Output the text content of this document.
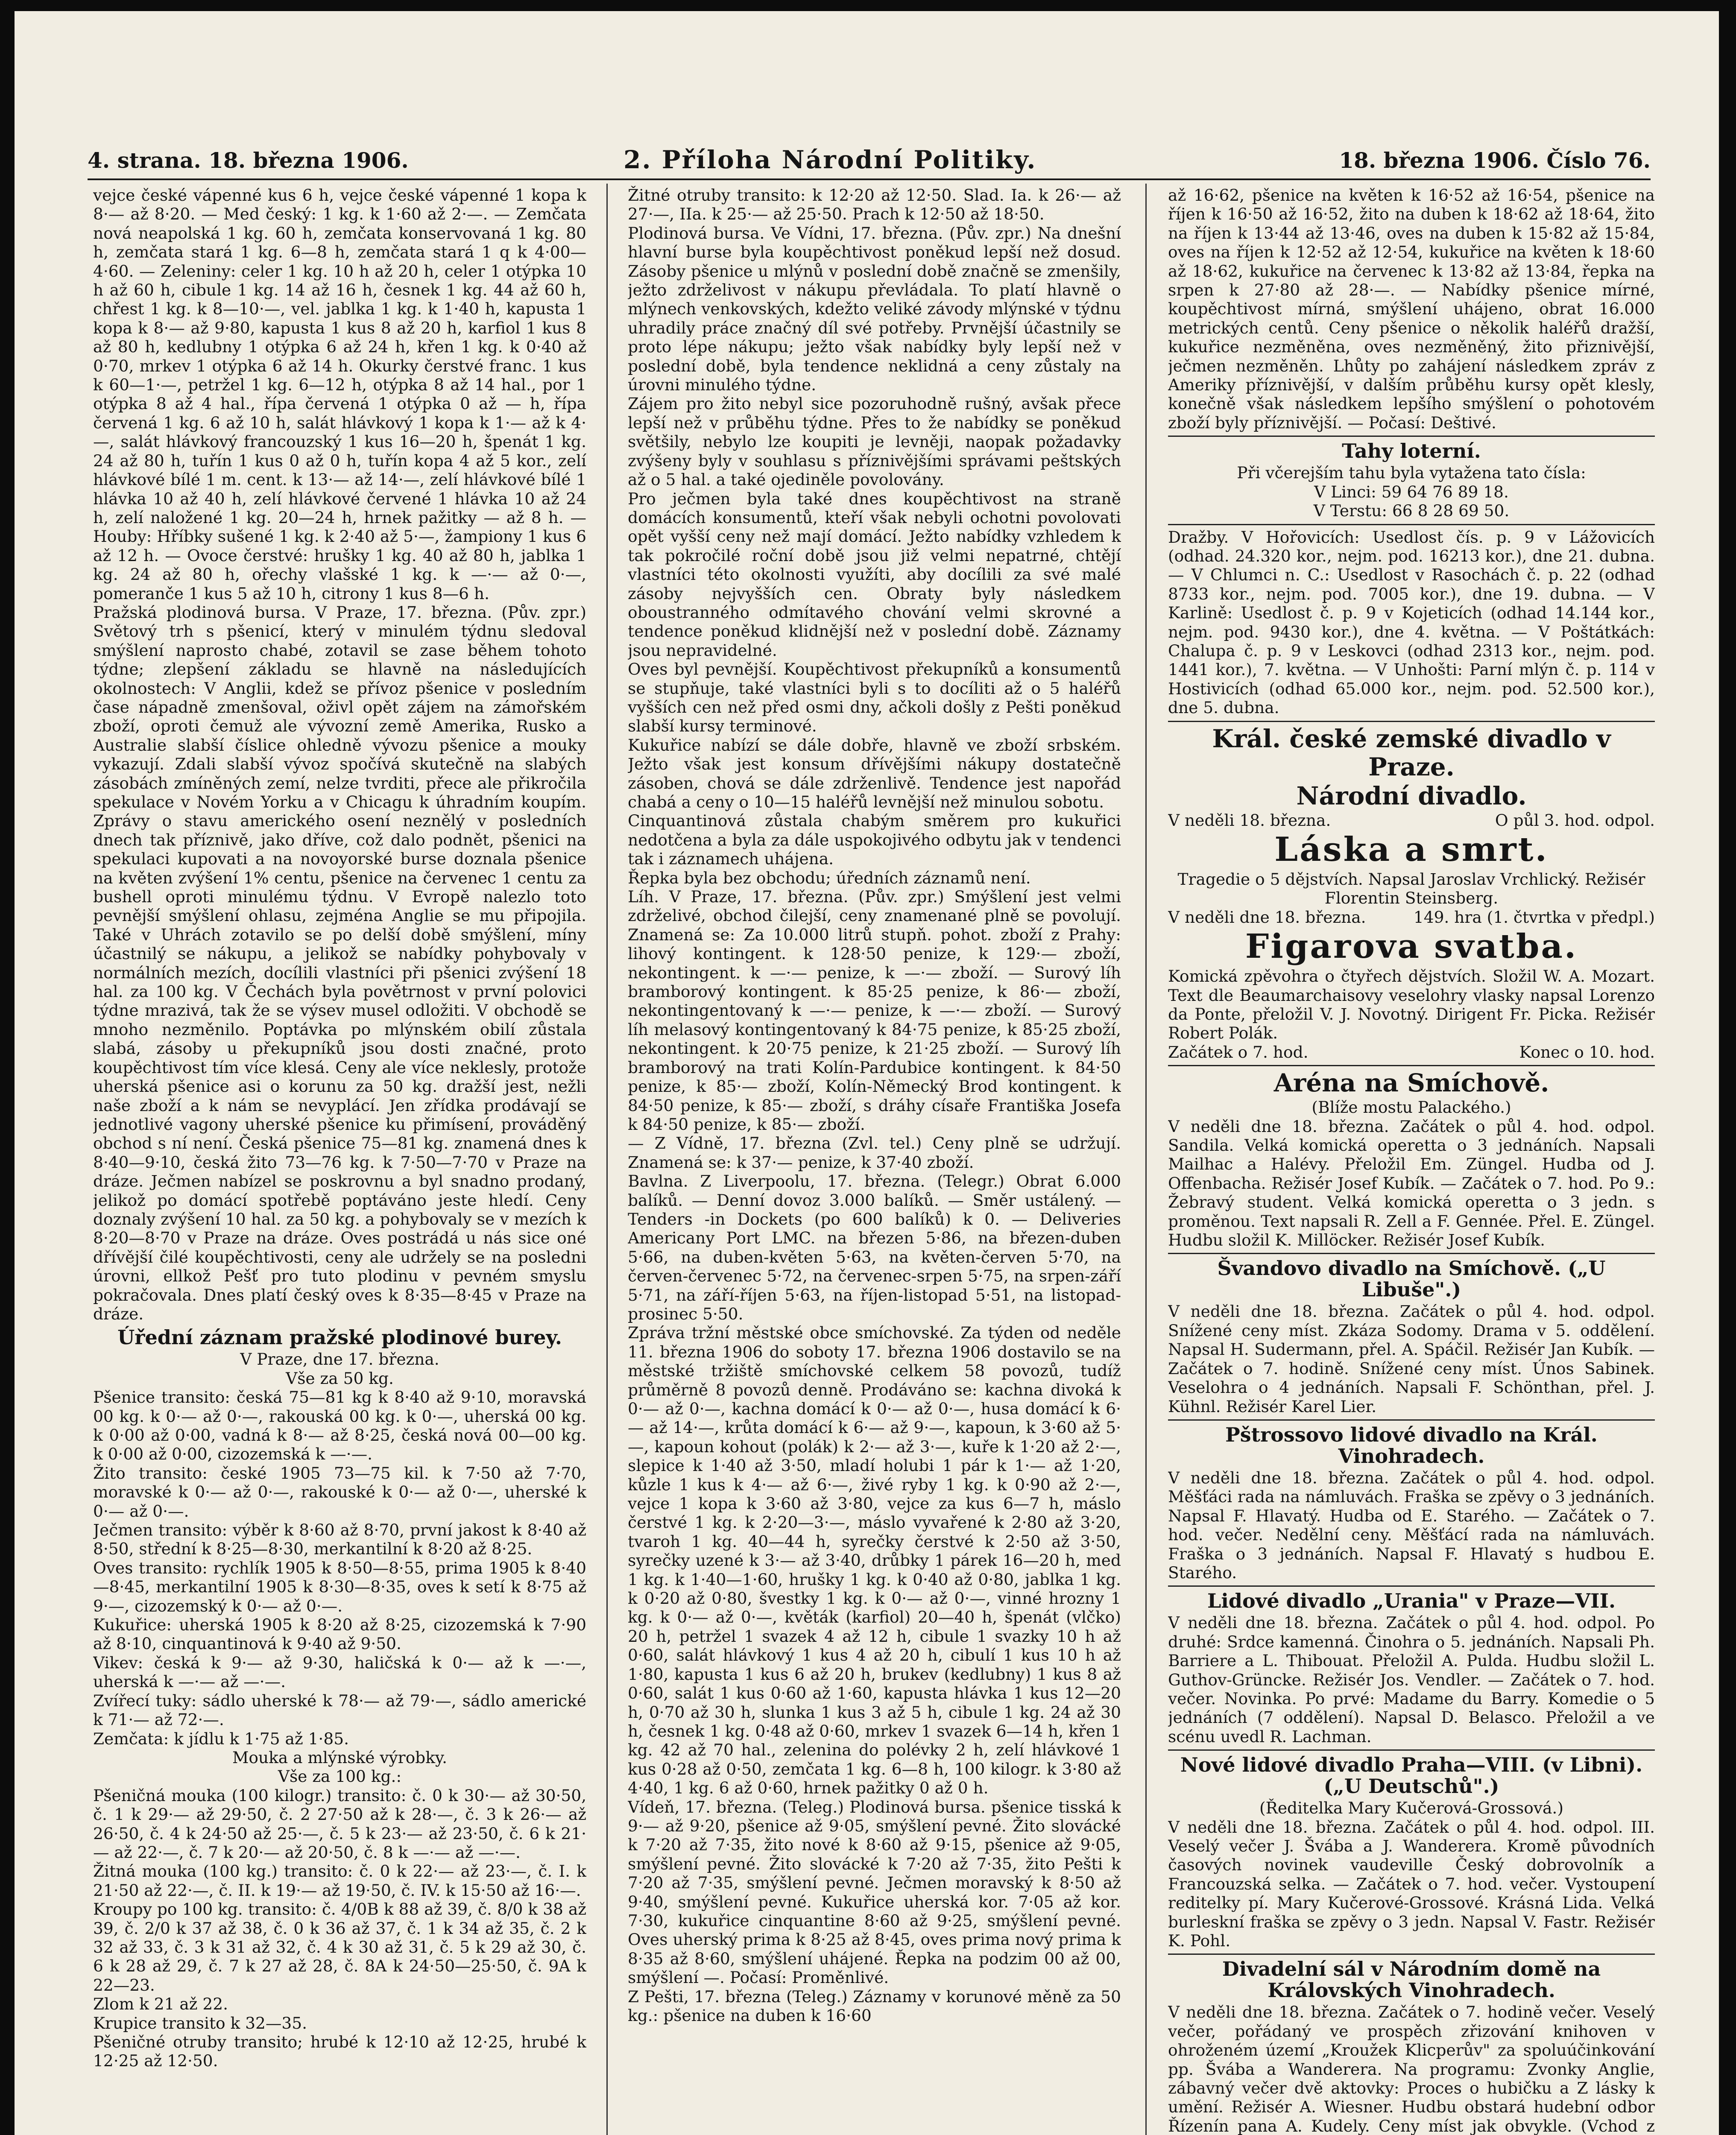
4. strana. 18. března 1906.	2. Příloha Národní Politiky.	18. března 1906. Číslo 76.

vejce české vápenné kus 6 h, vejce české vápenné 1 kopa k 8·— až 8·20. — Med český: 1 kg. k 1·60 až 2·—. — Zemčata nová neapolská 1 kg. 60 h, zemčata konservovaná 1 kg. 80 h, zemčata stará 1 kg. 6—8 h, zemčata stará 1 q k 4·00—4·60. — Zeleniny: celer 1 kg. 10 h až 20 h, celer 1 otýpka 10 h až 60 h, cibule 1 kg. 14 až 16 h, česnek 1 kg. 44 až 60 h, chřest 1 kg. k 8—10·—, vel. jablka 1 kg. k 1·40 h, kapusta 1 kopa k 8·— až 9·80, kapusta 1 kus 8 až 20 h, karfiol 1 kus 8 až 80 h, kedlubny 1 otýpka 6 až 24 h, křen 1 kg. k 0·40 až 0·70, mrkev 1 otýpka 6 až 14 h. Okurky čerstvé franc. 1 kus k 60—1·—, petržel 1 kg. 6—12 h, otýpka 8 až 14 hal., por 1 otýpka 8 až 4 hal., řípa červená 1 otýpka 0 až — h, řípa červená 1 kg. 6 až 10 h, salát hlávkový 1 kopa k 1·— až k 4·—, salát hlávkový francouzský 1 kus 16—20 h, špenát 1 kg. 24 až 80 h, tuřín 1 kus 0 až 0 h, tuřín kopa 4 až 5 kor., zelí hlávkové bílé 1 m. cent. k 13·— až 14·—, zelí hlávkové bílé 1 hlávka 10 až 40 h, zelí hlávkové červené 1 hlávka 10 až 24 h, zelí naložené 1 kg. 20—24 h, hrnek pažitky — až 8 h. — Houby: Hříbky sušené 1 kg. k 2·40 až 5·—, žampiony 1 kus 6 až 12 h. — Ovoce čerstvé: hrušky 1 kg. 40 až 80 h, jablka 1 kg. 24 až 80 h, ořechy vlašské 1 kg. k —·— až 0·—, pomeranče 1 kus 5 až 10 h, citrony 1 kus 8—6 h.

Pražská plodinová bursa. V Praze, 17. března. (Pův. zpr.) Světový trh s pšenicí, který v minulém týdnu sledoval smýšlení naprosto chabé, zotavil se zase během tohoto týdne; zlepšení základu se hlavně na následujících okolnostech: V Anglii, kdež se přívoz pšenice v posledním čase nápadně zmenšoval, oživl opět zájem na zámořském zboží, oproti čemuž ale vývozní země Amerika, Rusko a Australie slabší číslice ohledně vývozu pšenice a mouky vykazují. Zdali slabší vývoz spočívá skutečně na slabých zásobách zmíněných zemí, nelze tvrditi, přece ale přikročila spekulace v Novém Yorku a v Chicagu k úhradním koupím. Zprávy o stavu amerického osení neznělý v posledních dnech tak příznivě, jako dříve, což dalo podnět, pšenici na spekulaci kupovati a na novoyorské burse doznala pšenice na květen zvýšení 1% centu, pšenice na červenec 1 centu za bushell oproti minulému týdnu. V Evropě nalezlo toto pevnější smýšlení ohlasu, zejména Anglie se mu připojila. Také v Uhrách zotavilo se po delší době smýšlení, míny účastnilý se nákupu, a jelikož se nabídky pohybovaly v normálních mezích, docílili vlastníci při pšenici zvýšení 18 hal. za 100 kg. V Čechách byla povětrnost v první polovici týdne mrazivá, tak že se výsev musel odložiti. V obchodě se mnoho nezměnilo. Poptávka po mlýnském obilí zůstala slabá, zásoby u překupníků jsou dosti značné, proto koupěchtivost tím více klesá. Ceny ale více neklesly, protože uherská pšenice asi o korunu za 50 kg. dražší jest, nežli naše zboží a k nám se nevyplácí. Jen zřídka prodávají se jednotlivé vagony uherské pšenice ku přimísení, prováděný obchod s ní není. Česká pšenice 75—81 kg. znamená dnes k 8·40—9·10, česká žito 73—76 kg. k 7·50—7·70 v Praze na dráze. Ječmen nabízel se poskrovnu a byl snadno prodaný, jelikož po domácí spotřebě poptáváno jeste hledí. Ceny doznaly zvýšení 10 hal. za 50 kg. a pohybovaly se v mezích k 8·20—8·70 v Praze na dráze. Oves postrádá u nás sice oné dřívější čilé koupěchtivosti, ceny ale udržely se na posledni úrovni, ellkož Pešť pro tuto plodinu v pevném smyslu pokračovala. Dnes platí český oves k 8·35—8·45 v Praze na dráze.

Úřední záznam pražské plodinové burey.

V Praze, dne 17. března.

Vše za 50 kg.

Pšenice transito: česká 75—81 kg k 8·40 až 9·10, moravská 00 kg. k 0·— až 0·—, rakouská 00 kg. k 0·—, uherská 00 kg. k 0·00 až 0·00, vadná k 8·— až 8·25, česká nová 00—00 kg. k 0·00 až 0·00, cizozemská k —·—.

Žito transito: české 1905 73—75 kil. k 7·50 až 7·70, moravské k 0·— až 0·—, rakouské k 0·— až 0·—, uherské k 0·— až 0·—.

Ječmen transito: výběr k 8·60 až 8·70, první jakost k 8·40 až 8·50, střední k 8·25—8·30, merkantilní k 8·20 až 8·25.

Oves transito: rychlík 1905 k 8·50—8·55, prima 1905 k 8·40—8·45, merkantilní 1905 k 8·30—8·35, oves k setí k 8·75 až 9·—, cizozemský k 0·— až 0·—.

Kukuřice: uherská 1905 k 8·20 až 8·25, cizozemská k 7·90 až 8·10, cinquantinová k 9·40 až 9·50.

Vikev: česká k 9·— až 9·30, haličská k 0·— až k —·—, uherská k —·— až —·—.

Zvířecí tuky: sádlo uherské k 78·— až 79·—, sádlo americké k 71·— až 72·—.

Zemčata: k jídlu k 1·75 až 1·85.

Mouka a mlýnské výrobky.

Vše za 100 kg.:

Pšeničná mouka (100 kilogr.) transito: č. 0 k 30·— až 30·50, č. 1 k 29·— až 29·50, č. 2 27·50 až k 28·—, č. 3 k 26·— až 26·50, č. 4 k 24·50 až 25·—, č. 5 k 23·— až 23·50, č. 6 k 21·— až 22·—, č. 7 k 20·— až 20·50, č. 8 k —·— až —·—.

Žitná mouka (100 kg.) transito: č. 0 k 22·— až 23·—, č. I. k 21·50 až 22·—, č. II. k 19·— až 19·50, č. IV. k 15·50 až 16·—.

Kroupy po 100 kg. transito: č. 4/0B k 88 až 39, č. 8/0 k 38 až 39, č. 2/0 k 37 až 38, č. 0 k 36 až 37, č. 1 k 34 až 35, č. 2 k 32 až 33, č. 3 k 31 až 32, č. 4 k 30 až 31, č. 5 k 29 až 30, č. 6 k 28 až 29, č. 7 k 27 až 28, č. 8A k 24·50—25·50, č. 9A k 22—23.

Zlom k 21 až 22.

Krupice transito k 32—35.

Pšeničné otruby transito; hrubé k 12·10 až 12·25, hrubé k 12·25 až 12·50.

Žitné otruby transito: k 12·20 až 12·50. Slad. Ia. k 26·— až 27·—, IIa. k 25·— až 25·50. Prach k 12·50 až 18·50.

Plodinová bursa. Ve Vídni, 17. března. (Pův. zpr.) Na dnešní hlavní burse byla koupěchtivost poněkud lepší než dosud. Zásoby pšenice u mlýnů v poslední době značně se zmenšily, ježto zdrželivost v nákupu převládala. To platí hlavně o mlýnech venkovských, kdežto veliké závody mlýnské v týdnu uhradily práce značný díl své potřeby. Prvnější účastnily se proto lépe nákupu; ježto však nabídky byly lepší než v poslední době, byla tendence neklidná a ceny zůstaly na úrovni minulého týdne.

Zájem pro žito nebyl sice pozoruhodně rušný, avšak přece lepší než v průběhu týdne. Přes to že nabídky se poněkud světšily, nebylo lze koupiti je levněji, naopak požadavky zvýšeny byly v souhlasu s příznivějšími správami peštských až o 5 hal. a také ojediněle povolovány.

Pro ječmen byla také dnes koupěchtivost na straně domácích konsumentů, kteří však nebyli ochotni povolovati opět vyšší ceny než mají domácí. Ježto nabídky vzhledem k tak pokročilé roční době jsou již velmi nepatrné, chtějí vlastníci této okolnosti využíti, aby docílili za své malé zásoby nejvyšších cen. Obraty byly následkem oboustranného odmítavého chování velmi skrovné a tendence poněkud klidnější než v poslední době. Záznamy jsou nepravidelné.

Oves byl pevnější. Koupěchtivost překupníků a konsumentů se stupňuje, také vlastníci byli s to docíliti až o 5 haléřů vyšších cen než před osmi dny, ačkoli došly z Pešti poněkud slabší kursy terminové.

Kukuřice nabízí se dále dobře, hlavně ve zboží srbském. Ježto však jest konsum dřívějšími nákupy dostatečně zásoben, chová se dále zdrženlivě. Tendence jest napořád chabá a ceny o 10—15 haléřů levnější než minulou sobotu.

Cinquantinová zůstala chabým směrem pro kukuřici nedotčena a byla za dále uspokojivého odbytu jak v tendenci tak i záznamech uhájena.

Řepka byla bez obchodu; úředních záznamů není.

Líh. V Praze, 17. března. (Pův. zpr.) Smýšlení jest velmi zdrželivé, obchod čilejší, ceny znamenané plně se povolují. Znamená se: Za 10.000 litrů stupň. pohot. zboží z Prahy: lihový kontingent. k 128·50 penize, k 129·— zboží, nekontingent. k —·— penize, k —·— zboží. — Surový líh bramborový kontingent. k 85·25 penize, k 86·— zboží, nekontingentovaný k —·— penize, k —·— zboží. — Surový líh melasový kontingentovaný k 84·75 penize, k 85·25 zboží, nekontingent. k 20·75 penize, k 21·25 zboží. — Surový líh bramborový na trati Kolín-Pardubice kontingent. k 84·50 penize, k 85·— zboží, Kolín-Německý Brod kontingent. k 84·50 penize, k 85·— zboží, s dráhy císaře Františka Josefa k 84·50 penize, k 85·— zboží.

— Z Vídně, 17. března (Zvl. tel.) Ceny plně se udržují. Znamená se: k 37·— penize, k 37·40 zboží.

Bavlna. Z Liverpoolu, 17. března. (Telegr.) Obrat 6.000 balíků. — Denní dovoz 3.000 balíků. — Směr ustálený. — Tenders -in Dockets (po 600 balíků) k 0. — Deliveries Americany Port LMC. na březen 5·86, na březen-duben 5·66, na duben-květen 5·63, na květen-červen 5·70, na červen-červenec 5·72, na červenec-srpen 5·75, na srpen-září 5·71, na září-říjen 5·63, na říjen-listopad 5·51, na listopad-prosinec 5·50.

Zpráva tržní městské obce smíchovské. Za týden od neděle 11. března 1906 do soboty 17. března 1906 dostavilo se na městské tržiště smíchovské celkem 58 povozů, tudíž průměrně 8 povozů denně. Prodáváno se: kachna divoká k 0·— až 0·—, kachna domácí k 0·— až 0·—, husa domácí k 6·— až 14·—, krůta domácí k 6·— až 9·—, kapoun, k 3·60 až 5·—, kapoun kohout (polák) k 2·— až 3·—, kuře k 1·20 až 2·—, slepice k 1·40 až 3·50, mladí holubi 1 pár k 1·— až 1·20, kůzle 1 kus k 4·— až 6·—, živé ryby 1 kg. k 0·90 až 2·—, vejce 1 kopa k 3·60 až 3·80, vejce za kus 6—7 h, máslo čerstvé 1 kg. k 2·20—3·—, máslo vyvařené k 2·80 až 3·20, tvaroh 1 kg. 40—44 h, syrečky čerstvé k 2·50 až 3·50, syrečky uzené k 3·— až 3·40, drůbky 1 párek 16—20 h, med 1 kg. k 1·40—1·60, hrušky 1 kg. k 0·40 až 0·80, jablka 1 kg. k 0·20 až 0·80, švestky 1 kg. k 0·— až 0·—, vinné hrozny 1 kg. k 0·— až 0·—, květák (karfiol) 20—40 h, špenát (vlčko) 20 h, petržel 1 svazek 4 až 12 h, cibule 1 svazky 10 h až 0·60, salát hlávkový 1 kus 4 až 20 h, cibulí 1 kus 10 h až 1·80, kapusta 1 kus 6 až 20 h, brukev (kedlubny) 1 kus 8 až 0·60, salát 1 kus 0·60 až 1·60, kapusta hlávka 1 kus 12—20 h, 0·70 až 30 h, slunka 1 kus 3 až 5 h, cibule 1 kg. 24 až 30 h, česnek 1 kg. 0·48 až 0·60, mrkev 1 svazek 6—14 h, křen 1 kg. 42 až 70 hal., zelenina do polévky 2 h, zelí hlávkové 1 kus 0·28 až 0·50, zemčata 1 kg. 6—8 h, 100 kilogr. k 3·80 až 4·40, 1 kg. 6 až 0·60, hrnek pažitky 0 až 0 h.

Vídeň, 17. března. (Teleg.) Plodinová bursa. pšenice tisská k 9·— až 9·20, pšenice až 9·05, smýšlení pevné. Žito slovácké k 7·20 až 7·35, žito nové k 8·60 až 9·15, pšenice až 9·05, smýšlení pevné. Žito slovácké k 7·20 až 7·35, žito Pešti k 7·20 až 7·35, smýšlení pevné. Ječmen moravský k 8·50 až 9·40, smýšlení pevné. Kukuřice uherská kor. 7·05 až kor. 7·30, kukuřice cinquantine 8·60 až 9·25, smýšlení pevné. Oves uherský prima k 8·25 až 8·45, oves prima nový prima k 8·35 až 8·60, smýšlení uhájené. Řepka na podzim 00 až 00, smýšlení —. Počasí: Proměnlivé.

Z Pešti, 17. března (Teleg.) Záznamy v korunové měně za 50 kg.: pšenice na duben k 16·60

až 16·62, pšenice na květen k 16·52 až 16·54, pšenice na říjen k 16·50 až 16·52, žito na duben k 18·62 až 18·64, žito na říjen k 13·44 až 13·46, oves na duben k 15·82 až 15·84, oves na říjen k 12·52 až 12·54, kukuřice na květen k 18·60 až 18·62, kukuřice na červenec k 13·82 až 13·84, řepka na srpen k 27·80 až 28·—. — Nabídky pšenice mírné, koupěchtivost mírná, smýšlení uhájeno, obrat 16.000 metrických centů. Ceny pšenice o několik haléřů dražší, kukuřice nezměněna, oves nezměněný, žito přiznivější, ječmen nezměněn. Lhůty po zahájení následkem zpráv z Ameriky příznivější, v dalším průběhu kursy opět klesly, konečně však následkem lepšího smýšlení o pohotovém zboží byly příznivější. — Počasí: Deštivé.

Tahy loterní.

Při včerejším tahu byla vytažena tato čísla:

V Linci: 59 64 76 89 18.

V Terstu: 66 8 28 69 50.

Dražby. V Hořovicích: Usedlost čís. p. 9 v Lážovicích (odhad. 24.320 kor., nejm. pod. 16213 kor.), dne 21. dubna. — V Chlumci n. C.: Usedlost v Rasochách č. p. 22 (odhad 8733 kor., nejm. pod. 7005 kor.), dne 19. dubna. — V Karlině: Usedlost č. p. 9 v Kojeticích (odhad 14.144 kor., nejm. pod. 9430 kor.), dne 4. května. — V Poštátkách: Chalupa č. p. 9 v Leskovci (odhad 2313 kor., nejm. pod. 1441 kor.), 7. května. — V Unhošti: Parní mlýn č. p. 114 v Hostivicích (odhad 65.000 kor., nejm. pod. 52.500 kor.), dne 5. dubna.

Král. české zemské divadlo v Praze.

Národní divadlo.

V neděli 18. března.	O půl 3. hod. odpol.

Láska a smrt.

Tragedie o 5 dějstvích. Napsal Jaroslav Vrchlický. Režisér Florentin Steinsberg.

V neděli dne 18. března.	149. hra (1. čtvrtka v předpl.)

Figarova svatba.

Komická zpěvohra o čtyřech dějstvích. Složil W. A. Mozart. Text dle Beaumarchaisovy veselohry vlasky napsal Lorenzo da Ponte, přeložil V. J. Novotný. Dirigent Fr. Picka. Režisér Robert Polák.

Začátek o 7. hod.	Konec o 10. hod.

Aréna na Smíchově.

(Blíže mostu Palackého.)

V neděli dne 18. března. Začátek o půl 4. hod. odpol. Sandila. Velká komická operetta o 3 jednáních. Napsali Mailhac a Halévy. Přeložil Em. Züngel. Hudba od J. Offenbacha. Režisér Josef Kubík. — Začátek o 7. hod. Po 9.: Žebravý student. Velká komická operetta o 3 jedn. s proměnou. Text napsali R. Zell a F. Gennée. Přel. E. Züngel. Hudbu složil K. Millöcker. Režisér Josef Kubík.

Švandovo divadlo na Smíchově. („U Libuše".)

V neděli dne 18. března. Začátek o půl 4. hod. odpol. Snížené ceny míst. Zkáza Sodomy. Drama v 5. oddělení. Napsal H. Sudermann, přel. A. Spáčil. Režisér Jan Kubík. — Začátek o 7. hodině. Snížené ceny míst. Únos Sabinek. Veselohra o 4 jednáních. Napsali F. Schönthan, přel. J. Kühnl. Režisér Karel Lier.

Pštrossovo lidové divadlo na Král. Vinohradech.

V neděli dne 18. března. Začátek o půl 4. hod. odpol. Měšťáci rada na námluvách. Fraška se zpěvy o 3 jednáních. Napsal F. Hlavatý. Hudba od E. Starého. — Začátek o 7. hod. večer. Nedělní ceny. Měšťácí rada na námluvách. Fraška o 3 jednáních. Napsal F. Hlavatý s hudbou E. Starého.

Lidové divadlo „Urania" v Praze—VII.

V neděli dne 18. března. Začátek o půl 4. hod. odpol. Po druhé: Srdce kamenná. Činohra o 5. jednáních. Napsali Ph. Barriere a L. Thibouat. Přeložil A. Pulda. Hudbu složil L. Guthov-Grüncke. Režisér Jos. Vendler. — Začátek o 7. hod. večer. Novinka. Po prvé: Madame du Barry. Komedie o 5 jednáních (7 oddělení). Napsal D. Belasco. Přeložil a ve scénu uvedl R. Lachman.

Nové lidové divadlo Praha—VIII. (v Libni). („U Deutschů".)

(Ředitelka Mary Kučerová-Grossová.)

V neděli dne 18. března. Začátek o půl 4. hod. odpol. III. Veselý večer J. Švába a J. Wanderera. Kromě původních časových novinek vaudeville Český dobrovolník a Francouzská selka. — Začátek o 7. hod. večer. Vystoupení reditelky pí. Mary Kučerové-Grossové. Krásná Lida. Velká burleskní fraška se zpěvy o 3 jedn. Napsal V. Fastr. Režisér K. Pohl.

Divadelní sál v Národním domě na Královských Vinohradech.

V neděli dne 18. března. Začátek o 7. hodině večer. Veselý večer, pořádaný ve prospěch zřizování knihoven v ohroženém území „Kroužek Klicperův" za spoluúčinkování pp. Švába a Wanderera. Na programu: Zvonky Anglie, zábavný večer dvě aktovky: Proces o hubičku a Z lásky k umění. Režisér A. Wiesner. Hudbu obstará hudební odbor Řízenín pana A. Kudely. Ceny míst jak obvykle. (Vchod z
